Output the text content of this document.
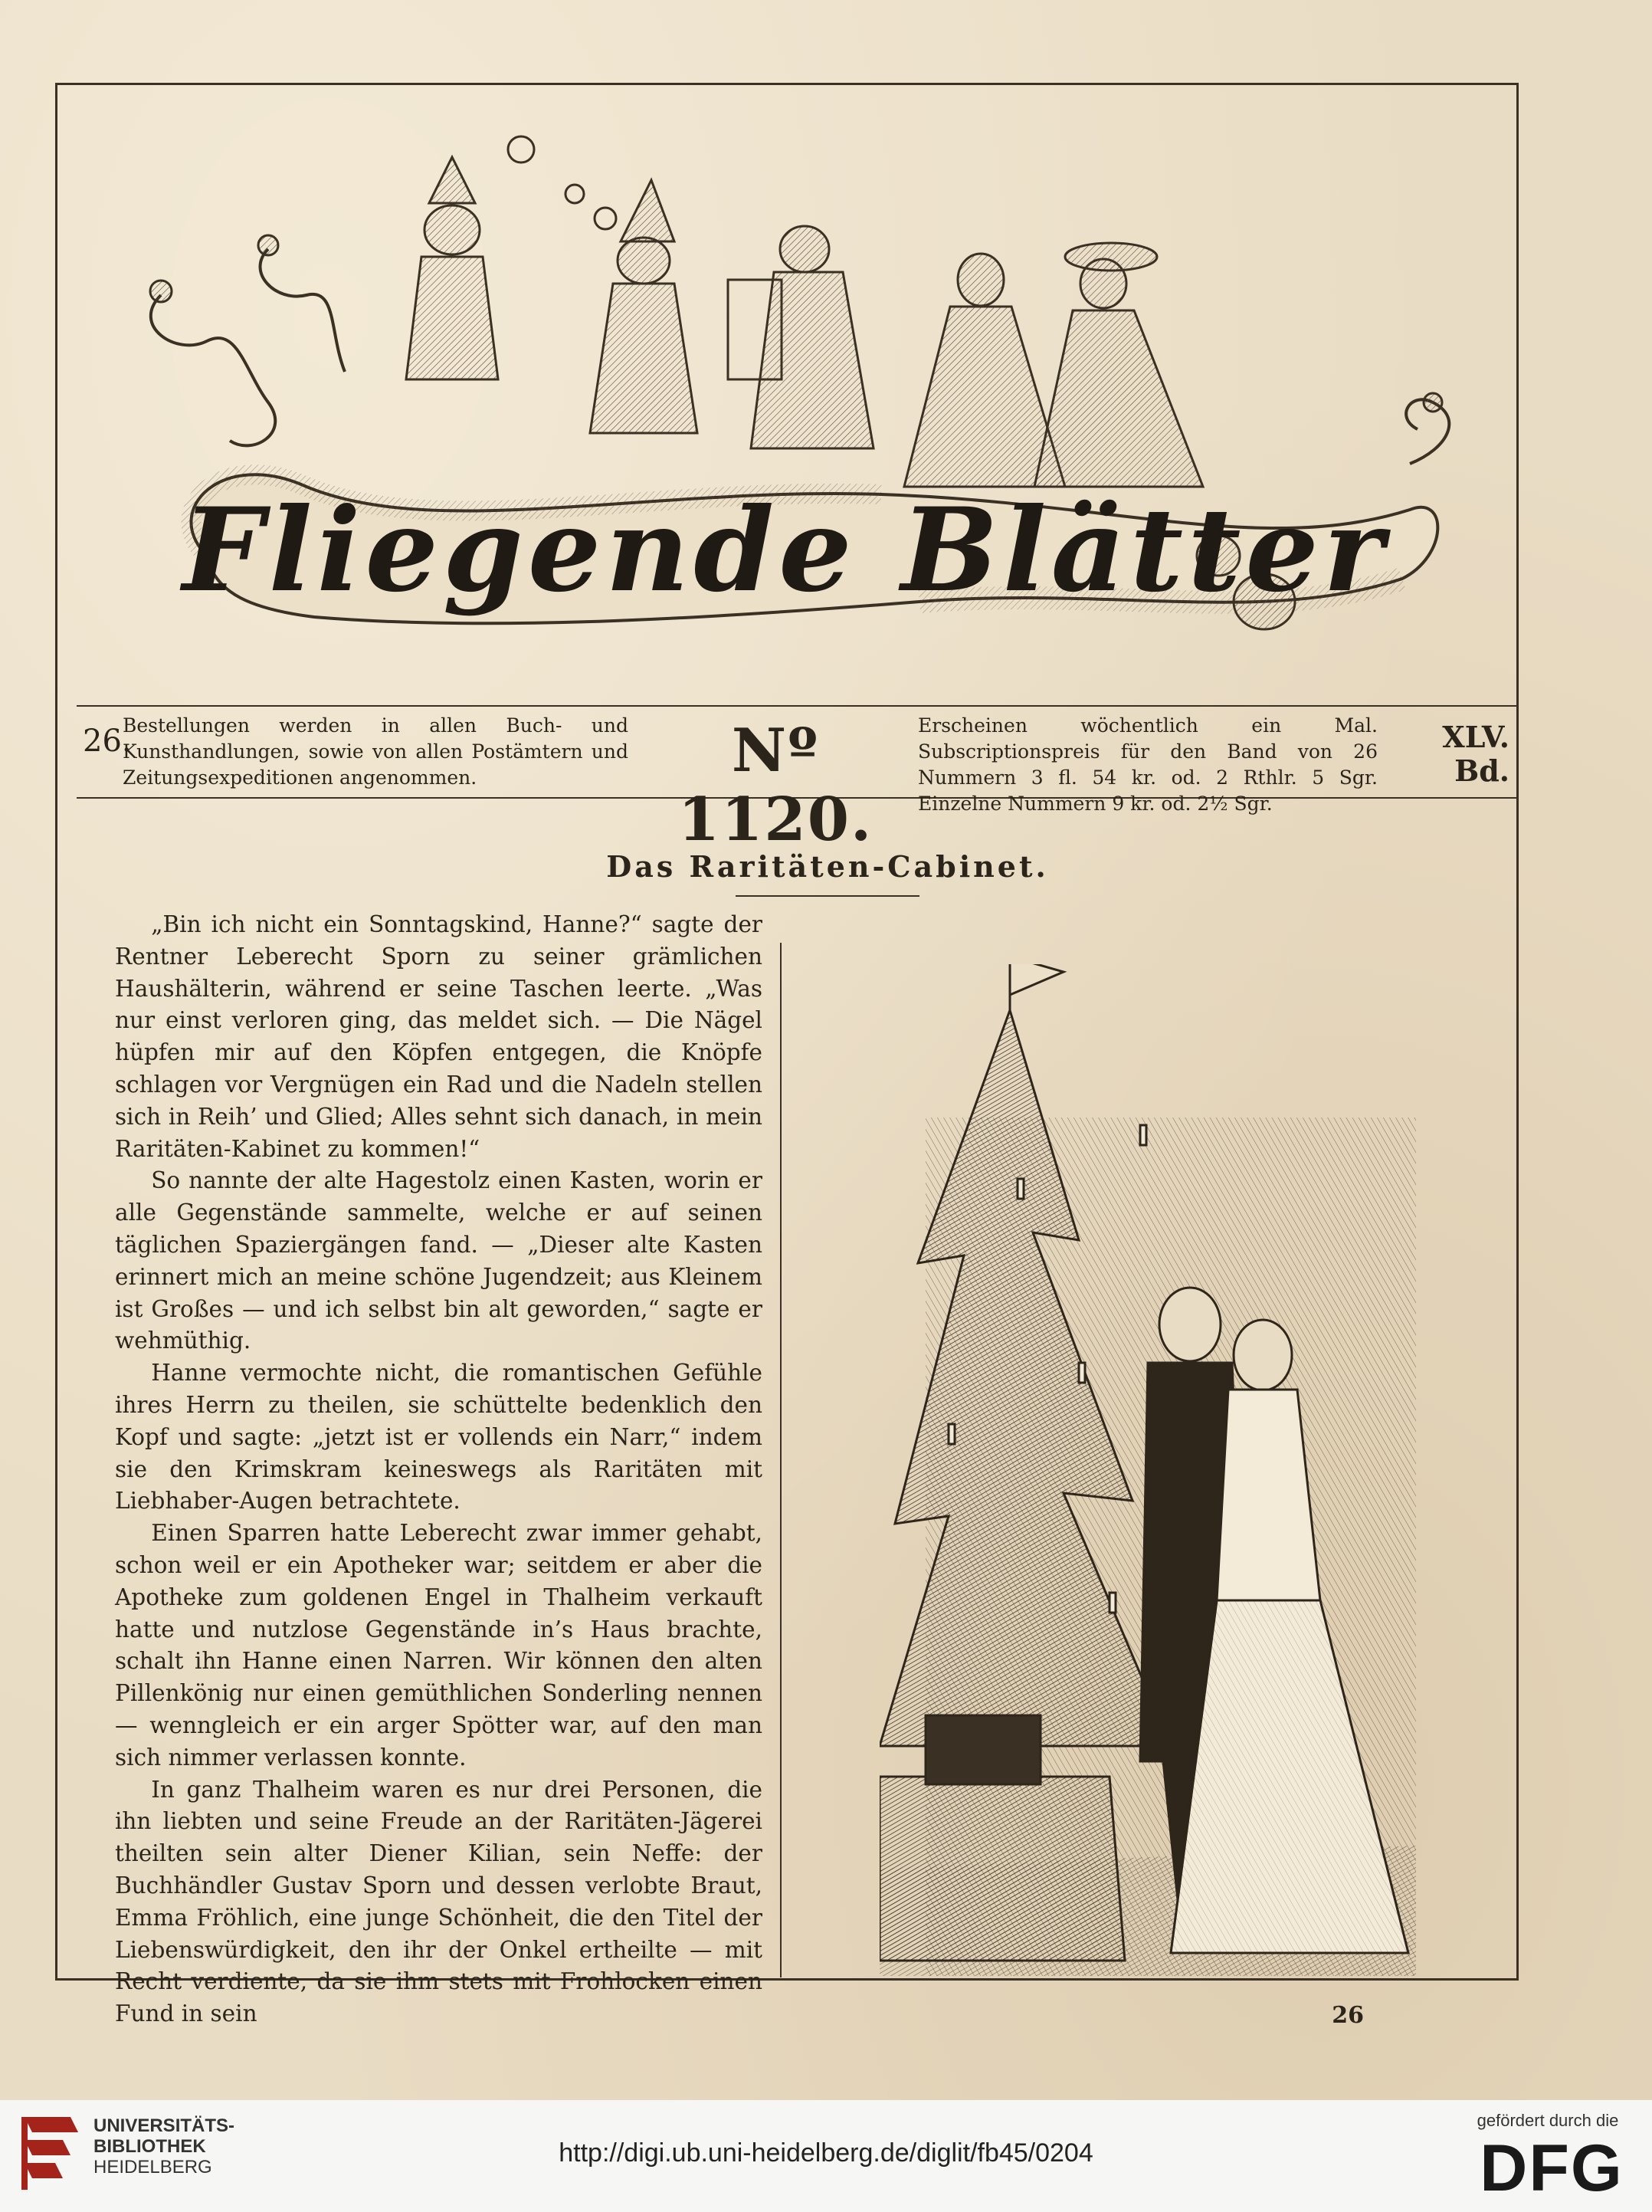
Fliegende Blätter
26.
Bestellungen werden in allen Buch- und Kunsthandlungen, sowie von allen Postämtern und Zeitungsexpeditionen angenommen.	Nº 1120.
Erscheinen wöchentlich ein Mal. Subscriptionspreis für den Band von 26 Nummern 3 fl. 54 kr. od. 2 Rthlr. 5 Sgr. Einzelne Nummern 9 kr. od. 2½ Sgr.
XLV. Bd.
Das Raritäten-Cabinet.

„Bin ich nicht ein Sonntagskind, Hanne?“ sagte der Rentner Leberecht Sporn zu seiner grämlichen Haushälterin, während er seine Taschen leerte. „Was nur einst verloren ging, das meldet sich. — Die Nägel hüpfen mir auf den Köpfen entgegen, die Knöpfe schlagen vor Vergnügen ein Rad und die Nadeln stellen sich in Reih’ und Glied; Alles sehnt sich danach, in mein Raritäten-Kabinet zu kommen!“

So nannte der alte Hagestolz einen Kasten, worin er alle Gegenstände sammelte, welche er auf seinen täglichen Spaziergängen fand. — „Dieser alte Kasten erinnert mich an meine schöne Jugendzeit; aus Kleinem ist Großes — und ich selbst bin alt geworden,“ sagte er wehmüthig.

Hanne vermochte nicht, die romantischen Gefühle ihres Herrn zu theilen, sie schüttelte bedenklich den Kopf und sagte: „jetzt ist er vollends ein Narr,“ indem sie den Krimskram keineswegs als Raritäten mit Liebhaber-Augen betrachtete.

Einen Sparren hatte Leberecht zwar immer gehabt, schon weil er ein Apotheker war; seitdem er aber die Apotheke zum goldenen Engel in Thalheim verkauft hatte und nutzlose Gegenstände in’s Haus brachte, schalt ihn Hanne einen Narren. Wir können den alten Pillenkönig nur einen gemüthlichen Sonderling nennen — wenngleich er ein arger Spötter war, auf den man sich nimmer verlassen konnte.

In ganz Thalheim waren es nur drei Personen, die ihn liebten und seine Freude an der Raritäten-Jägerei theilten sein alter Diener Kilian, sein Neffe: der Buchhändler Gustav Sporn und dessen verlobte Braut, Emma Fröhlich, eine junge Schönheit, die den Titel der Liebenswürdigkeit, den ihr der Onkel ertheilte — mit Recht verdiente, da sie ihm stets mit Frohlocken einen Fund in sein	26
UNIVERSITÄTS-
BIBLIOTHEK
HEIDELBERG	http://digi.ub.uni-heidelberg.de/diglit/fb45/0204
gefördert durch die
DFG
